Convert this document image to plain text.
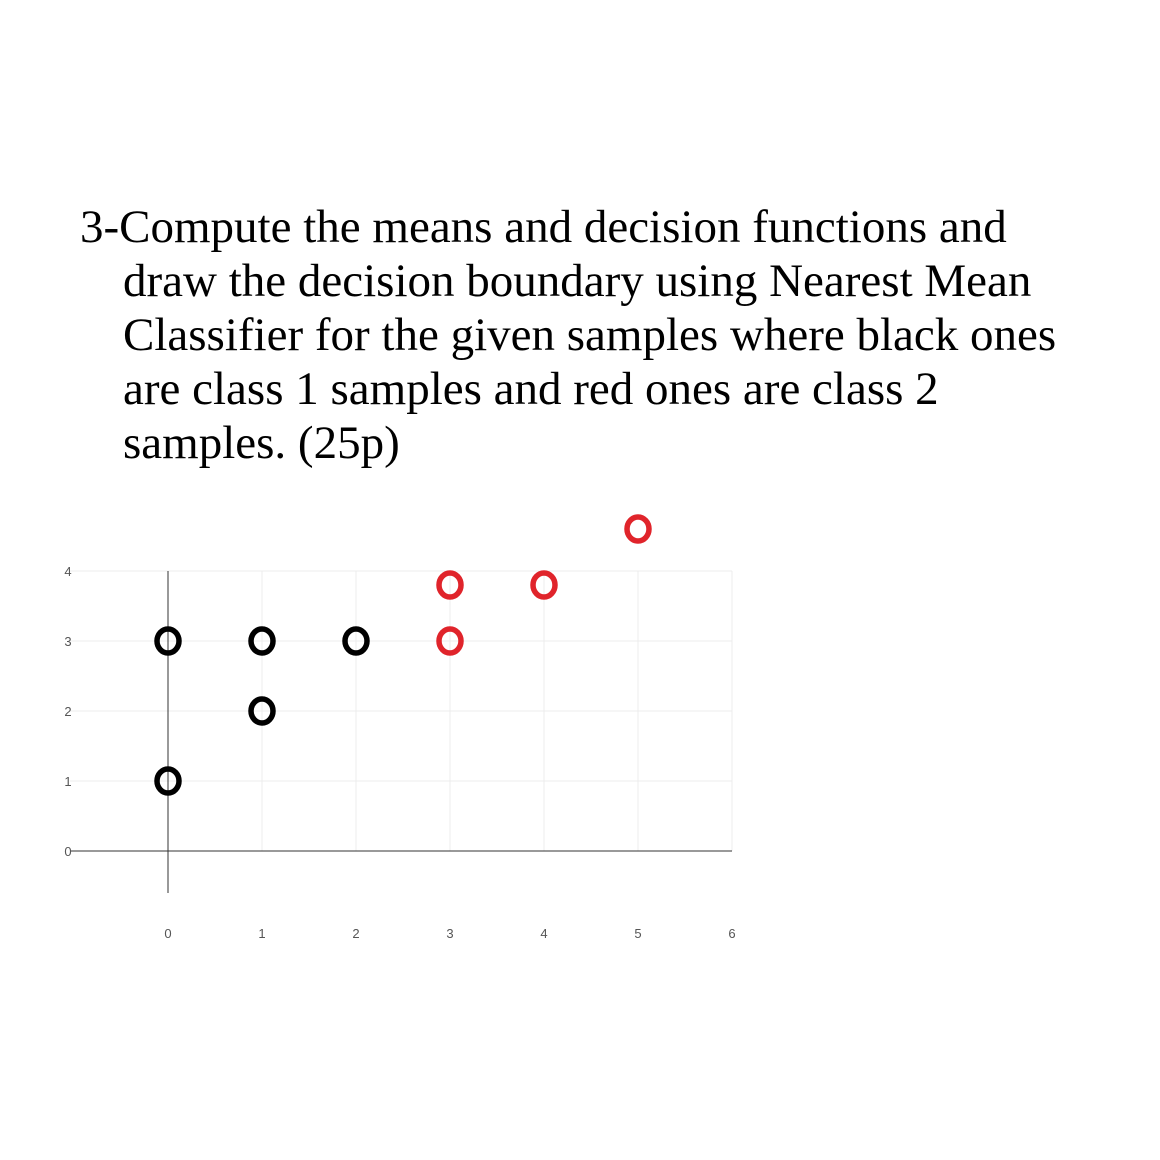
3-Compute the means and decision functions and
draw the decision boundary using Nearest Mean
Classifier for the given samples where black ones
are class 1 samples and red ones are class 2
samples. (25p)
0	1	2	3	4	5	6
0
1
2
3
4
